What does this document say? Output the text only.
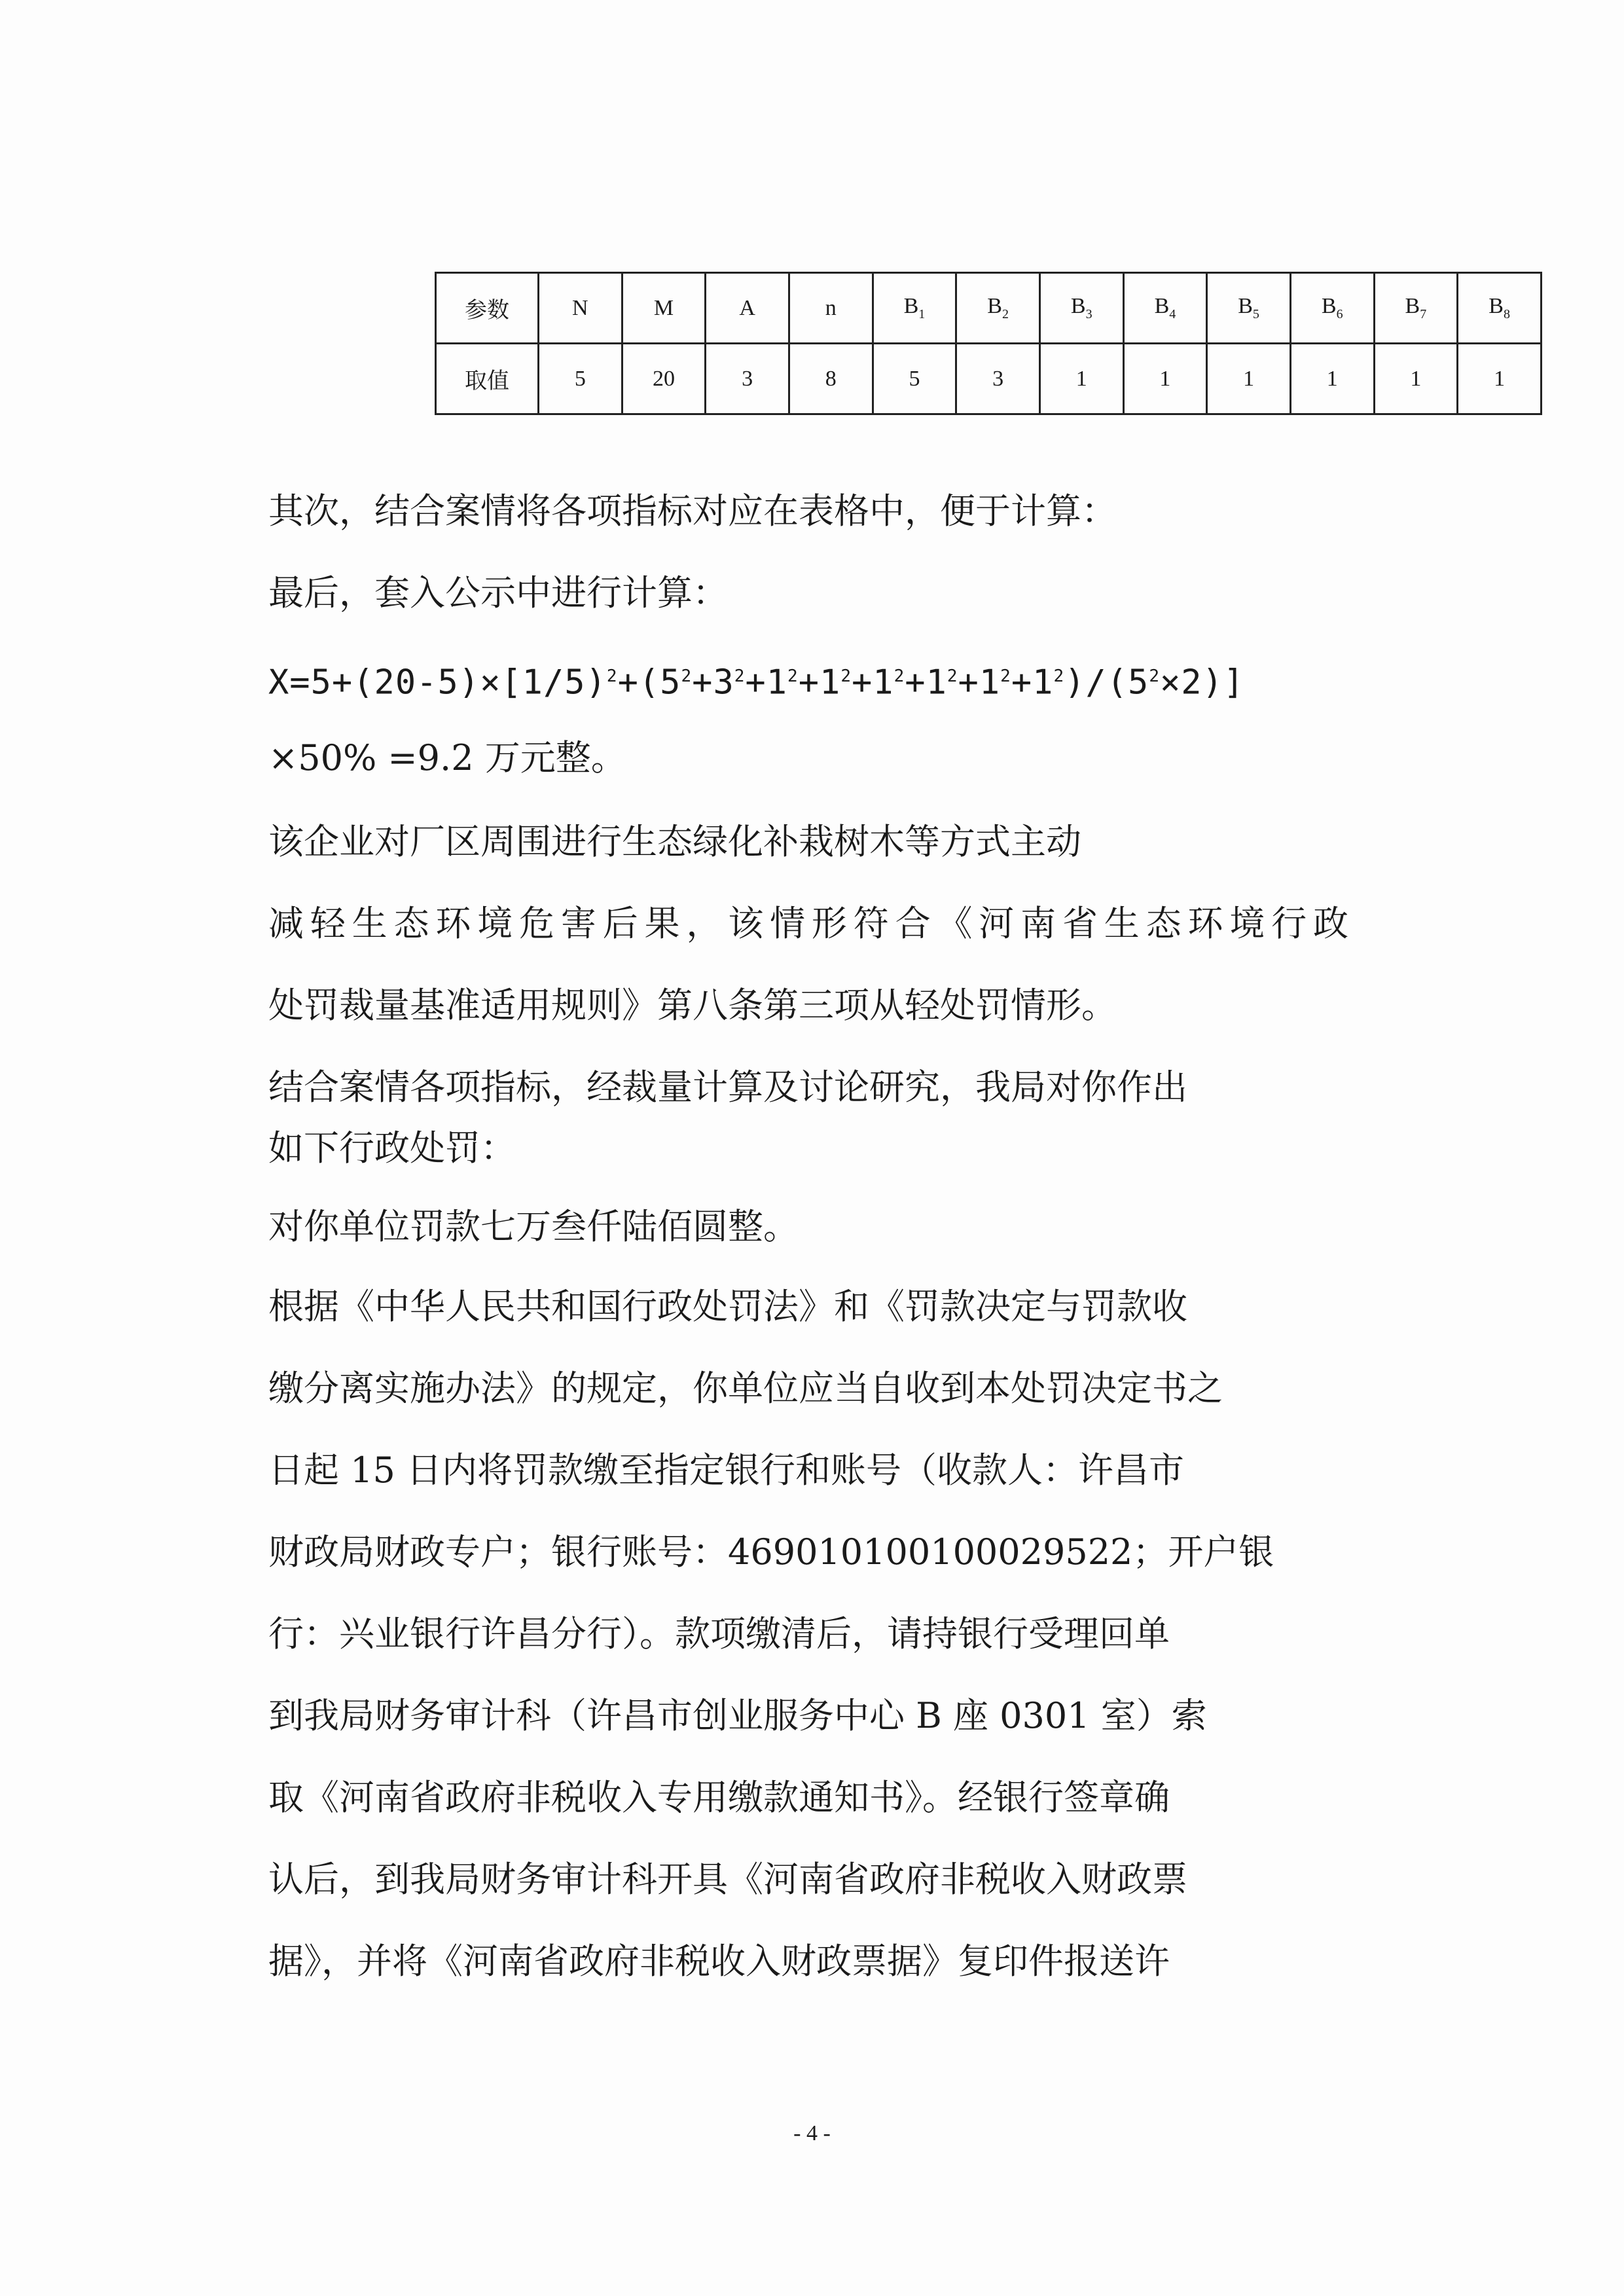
参数	N	M	A	n	$B_1$	$B_2$	$B_3$	$B_4$	$B_5$	$B_6$	$B_7$	$B_8$
取值	5	20	3	8	5	3	1	1	1	1	1	1

其次，结合案情将各项指标对应在表格中，便于计算：

最后，套入公示中进行计算：

$X=5+(20-5)\times[1/5)^2+(5^2+3^2+1^2+1^2+1^2+1^2+1^2+1^2)/(5^2\times 2)$]

×50% =9.2 万元整。

该企业对厂区周围进行生态绿化补栽树木等方式主动

减轻生态环境危害后果，该情形符合《河南省生态环境行政

处罚裁量基准适用规则》第八条第三项从轻处罚情形。

结合案情各项指标，经裁量计算及讨论研究，我局对你作出

如下行政处罚：

对你单位罚款七万叁仟陆佰圆整。

根据《中华人民共和国行政处罚法》和《罚款决定与罚款收

缴分离实施办法》的规定，你单位应当自收到本处罚决定书之

日起 15 日内将罚款缴至指定银行和账号（收款人：许昌市

财政局财政专户；银行账号：469010100100029522；开户银

行：兴业银行许昌分行）。款项缴清后，请持银行受理回单

到我局财务审计科（许昌市创业服务中心 B 座 0301 室）索

取《河南省政府非税收入专用缴款通知书》。经银行签章确

认后，到我局财务审计科开具《河南省政府非税收入财政票

据》，并将《河南省政府非税收入财政票据》复印件报送许

- 4 -
